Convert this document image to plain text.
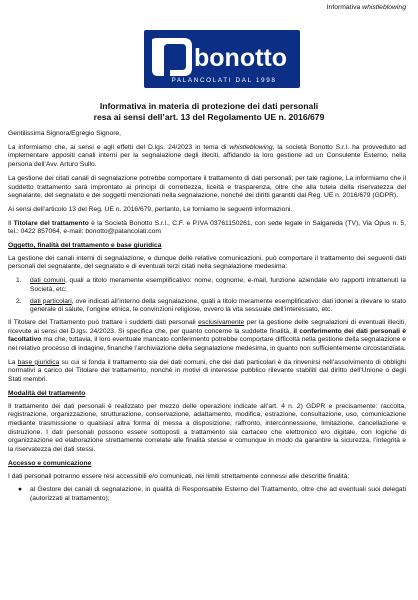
Informativa whistleblowing
bonotto
PALANCOLATI DAL 1998
Informativa in materia di protezione dei dati personali
resa ai sensi dell’art. 13 del Regolamento UE n. 2016/679

Gentilissima Signora/Egregio Signore,

La informiamo che, ai sensi e agli effetti del D.lgs. 24/2023 in tema di whistleblowing, la società Bonotto S.r.l. ha provveduto ad implementare appositi canali interni per la segnalazione degli illeciti, affidando la loro gestione ad un Consulente Esterno, nella persona dell’Avv. Arturo Sullo.

La gestione dei citati canali di segnalazione potrebbe comportare il trattamento di dati personali; per tale ragione, La informiamo che il suddetto trattamento sarà improntato ai principi di correttezza, liceità e trasparenza, oltre che alla tutela della riservatezza del segnalante, del segnalato e dei soggetti menzionati nella segnalazione, nonché dei diritti garantiti dal Reg. UE n. 2016/679 (GDPR).

Ai sensi dell’articolo 13 del Reg. UE n. 2016/679, pertanto, Le forniamo le seguenti informazioni.

Il Titolare del trattamento è la Società Bonotto S.r.l., C.F. e P.IVA 03761150261, con sede legale in Salgareda (TV), Via Opus n. 5, tel.: 0422 857064, e-mail: bonotto@palancolati.com

Oggetto, finalità del trattamento e base giuridica

La gestione dei canali interni di segnalazione, e dunque delle relative comunicazioni, può comportare il trattamento dei seguenti dati personali del segnalante, del segnalato e di eventuali terzi citati nella segnalazione medesima:

1.	dati comuni, quali a titolo meramente esemplificativo: nome, cognome, e-mail, funzione aziendale e/o rapporti intrattenuti la Società, etc;
2.	dati particolari, ove indicati all’interno della segnalazione, quali a titolo meramente esemplificativo: dati idonei a rilevare lo stato generale di salute, l’origine etnica, le convinzioni religiose, ovvero la vita sessuale dell’interessato, etc.

Il Titolare del Trattamento può trattare i suddetti dati personali esclusivamente per la gestione delle segnalazioni di eventuali illeciti, ricevute ai sensi del D.lgs. 24/2023. Si specifica che, per quanto concerne la suddette finalità, il conferimento dei dati personali è facoltativo ma che, tuttavia, il loro eventuale mancato conferimento potrebbe comportare difficoltà nella gestione della segnalazione e nel relativo processo di indagine, finanche l’archiviazione della segnalazione medesima, in quanto non sufficientemente circostanziata.

La base giuridica su cui si fonda il trattamento sia dei dati comuni, che dei dati particolari è da rinvenirsi nell’assolvimento di obblighi normativi a carico del Titolare del trattamento, nonché in motivi di interesse pubblico rilevante stabiliti dal diritto dell’Unione o degli Stati membri.

Modalità del trattamento

Il trattamento dei dati personali è realizzato per mezzo delle operazioni indicate all’art. 4 n. 2) GDPR e precisamente: raccolta, registrazione, organizzazione, strutturazione, conservazione, adattamento, modifica, estrazione, consultazione, uso, comunicazione mediante trasmissione o qualsiasi altra forma di messa a disposizione, raffronto, interconnessione, limitazione, cancellazione e distruzione. I dati personali possono essere sottoposti a trattamento sia cartaceo che elettronico e/o digitale, con logiche di organizzazione ed elaborazione strettamente correlate alle finalità stesse e comunque in modo da garantire la sicurezza, l’integrità e la riservatezza dei dati stessi.

Accesso e comunicazione

I dati personali potranno essere resi accessibili e/o comunicati, nei limiti strettamente connessi alle descritte finalità:

●	al Gestore dei canali di segnalazione, in qualità di Responsabile Esterno del Trattamento, oltre che ad eventuali suoi delegati (autorizzati al trattamento);
